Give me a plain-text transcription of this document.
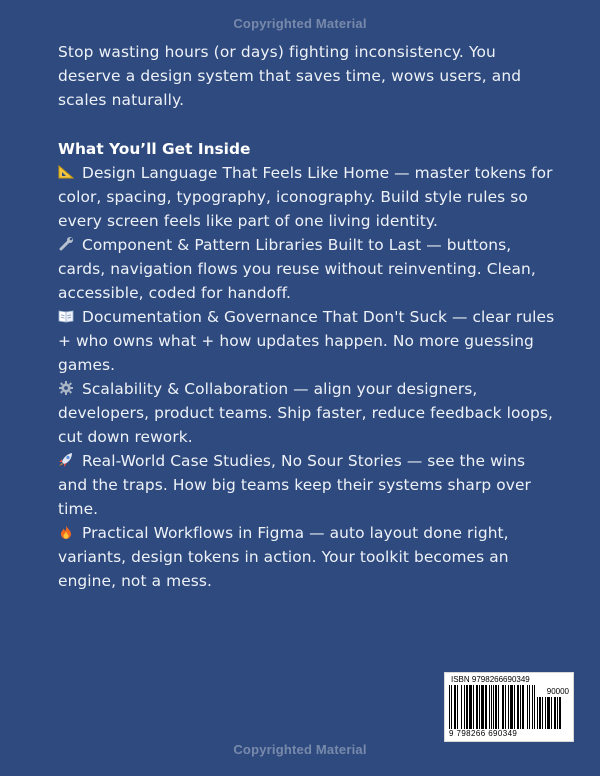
Copyrighted Material

Stop wasting hours (or days) fighting inconsistency. You deserve a design system that saves time, wows users, and scales naturally.

What You’ll Get Inside
Design Language That Feels Like Home — master tokens for color, spacing, typography, iconography. Build style rules so every screen feels like part of one living identity.
Component & Pattern Libraries Built to Last — buttons, cards, navigation flows you reuse without reinventing. Clean, accessible, coded for handoff.
Documentation & Governance That Don't Suck — clear rules + who owns what + how updates happen. No more guessing games.
Scalability & Collaboration — align your designers, developers, product teams. Ship faster, reduce feedback loops, cut down rework.
Real-World Case Studies, No Sour Stories — see the wins and the traps. How big teams keep their systems sharp over time.
Practical Workflows in Figma — auto layout done right, variants, design tokens in action. Your toolkit becomes an engine, not a mess.
ISBN 9798266690349
90000
9 798266 690349
Copyrighted Material
